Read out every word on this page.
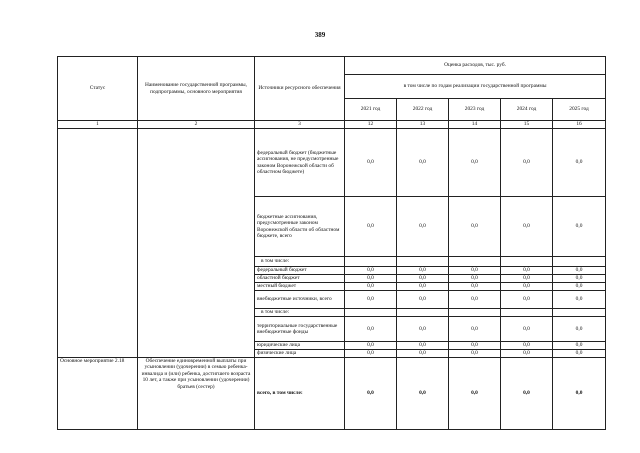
389
Статус	Наименование государственной программы, подпрограммы, основного мероприятия	Источники ресурсного обеспечения	Оценка расходов, тыс. руб.				
			в том числе по годам реализации государственной программы				
			2021 год	2022 год	2023 год	2024 год	2025 год
1	2	3	12	13	14	15	16
		федеральный бюджет (бюджетные ассигнования, не предусмотренные законом Воронежской области об областном бюджете)	0,0	0,0	0,0	0,0	0,0
		бюджетные ассигнования, предусмотренные законом Воронежской области об областном бюджете, всего	0,0	0,0	0,0	0,0	0,0
		в том числе:					
		федеральный бюджет	0,0	0,0	0,0	0,0	0,0
		областной бюджет	0,0	0,0	0,0	0,0	0,0
		местный бюджет	0,0	0,0	0,0	0,0	0,0
		внебюджетные источники, всего	0,0	0,0	0,0	0,0	0,0
		в том числе:					
		территориальные государственные внебюджетные фонды	0,0	0,0	0,0	0,0	0,0
		юридические лица	0,0	0,0	0,0	0,0	0,0
		физические лица	0,0	0,0	0,0	0,0	0,0
Основное мероприятие 2.18	Обеспечение единовременной выплаты при усыновлении (удочерении) в семью ребенка-инвалида и (или) ребенка, достигшего возраста 10 лет, а также при усыновлении (удочерении) братьев (сестер)	всего, в том числе:	0,0	0,0	0,0	0,0	0,0
